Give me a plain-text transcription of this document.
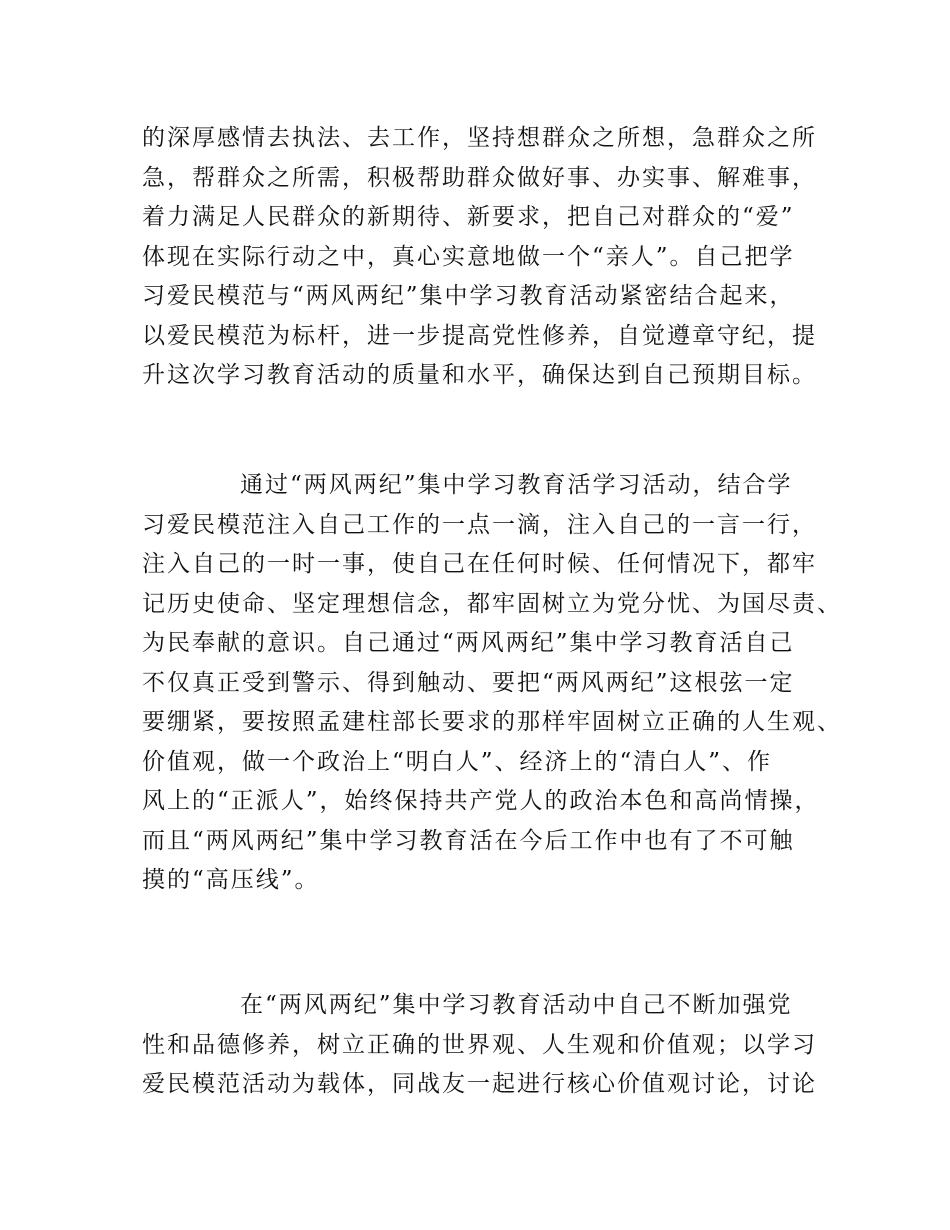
的深厚感情去执法、去工作，坚持想群众之所想，急群众之所
急，帮群众之所需，积极帮助群众做好事、办实事、解难事，
着力满足人民群众的新期待、新要求，把自己对群众的“爱”
体现在实际行动之中，真心实意地做一个“亲人”。自己把学
习爱民模范与“两风两纪”集中学习教育活动紧密结合起来，
以爱民模范为标杆，进一步提高党性修养，自觉遵章守纪，提
升这次学习教育活动的质量和水平，确保达到自己预期目标。
通过“两风两纪”集中学习教育活学习活动，结合学
习爱民模范注入自己工作的一点一滴，注入自己的一言一行，
注入自己的一时一事，使自己在任何时候、任何情况下，都牢
记历史使命、坚定理想信念，都牢固树立为党分忧、为国尽责、
为民奉献的意识。自己通过“两风两纪”集中学习教育活自己
不仅真正受到警示、得到触动、要把“两风两纪”这根弦一定
要绷紧，要按照孟建柱部长要求的那样牢固树立正确的人生观、
价值观，做一个政治上“明白人”、经济上的“清白人”、作
风上的“正派人”，始终保持共产党人的政治本色和高尚情操，
而且“两风两纪”集中学习教育活在今后工作中也有了不可触
摸的“高压线”。
在“两风两纪”集中学习教育活动中自己不断加强党
性和品德修养，树立正确的世界观、人生观和价值观；以学习
爱民模范活动为载体，同战友一起进行核心价值观讨论，讨论
